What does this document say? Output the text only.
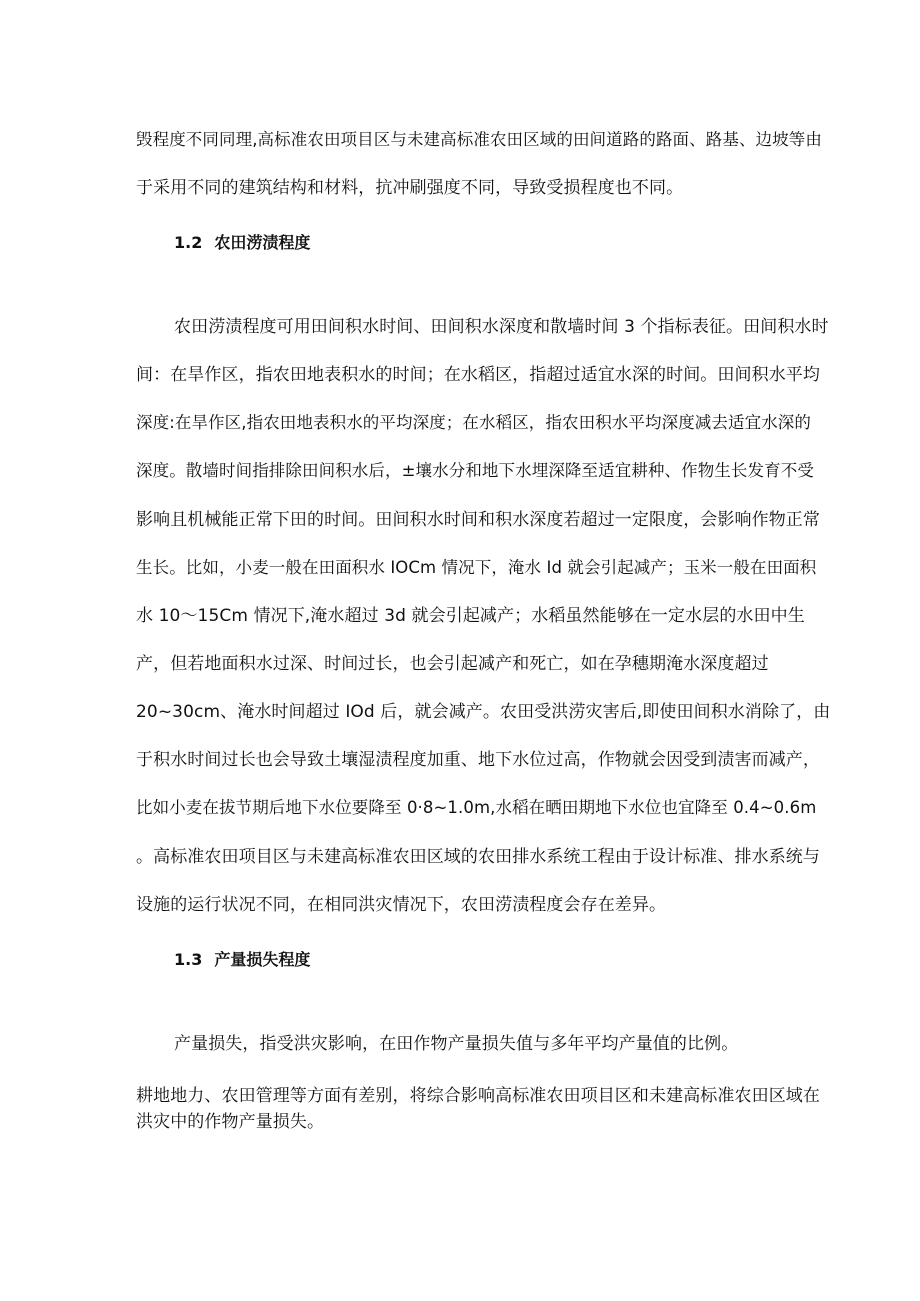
毁程度不同同理,高标准农田项目区与未建高标准农田区域的田间道路的路面、路基、边坡等由
于采用不同的建筑结构和材料，抗冲刷强度不同，导致受损程度也不同。
1.2 农田涝渍程度
农田涝渍程度可用田间积水时间、田间积水深度和散墙时间 3 个指标表征。田间积水时
间：在旱作区，指农田地表积水的时间；在水稻区，指超过适宜水深的时间。田间积水平均
深度:在旱作区,指农田地表积水的平均深度；在水稻区，指农田积水平均深度减去适宜水深的
深度。散墙时间指排除田间积水后，±壤水分和地下水埋深降至适宜耕种、作物生长发育不受
影响且机械能正常下田的时间。田间积水时间和积水深度若超过一定限度，会影响作物正常
生长。比如，小麦一般在田面积水 IOCm 情况下，淹水 Id 就会引起减产；玉米一般在田面积
水 10～15Cm 情况下,淹水超过 3d 就会引起减产；水稻虽然能够在一定水层的水田中生
产，但若地面积水过深、时间过长，也会引起减产和死亡，如在孕穗期淹水深度超过
20~30cm、淹水时间超过 IOd 后，就会减产。农田受洪涝灾害后,即使田间积水消除了，由
于积水时间过长也会导致土壤湿渍程度加重、地下水位过高，作物就会因受到渍害而减产，
比如小麦在拔节期后地下水位要降至 0·8~1.0m,水稻在晒田期地下水位也宜降至 0.4~0.6m
。高标准农田项目区与未建高标准农田区域的农田排水系统工程由于设计标准、排水系统与
设施的运行状况不同，在相同洪灾情况下，农田涝渍程度会存在差异。
1.3 产量损失程度
产量损失，指受洪灾影响，在田作物产量损失值与多年平均产量值的比例。
耕地地力、农田管理等方面有差别，将综合影响高标准农田项目区和未建高标准农田区域在
洪灾中的作物产量损失。
